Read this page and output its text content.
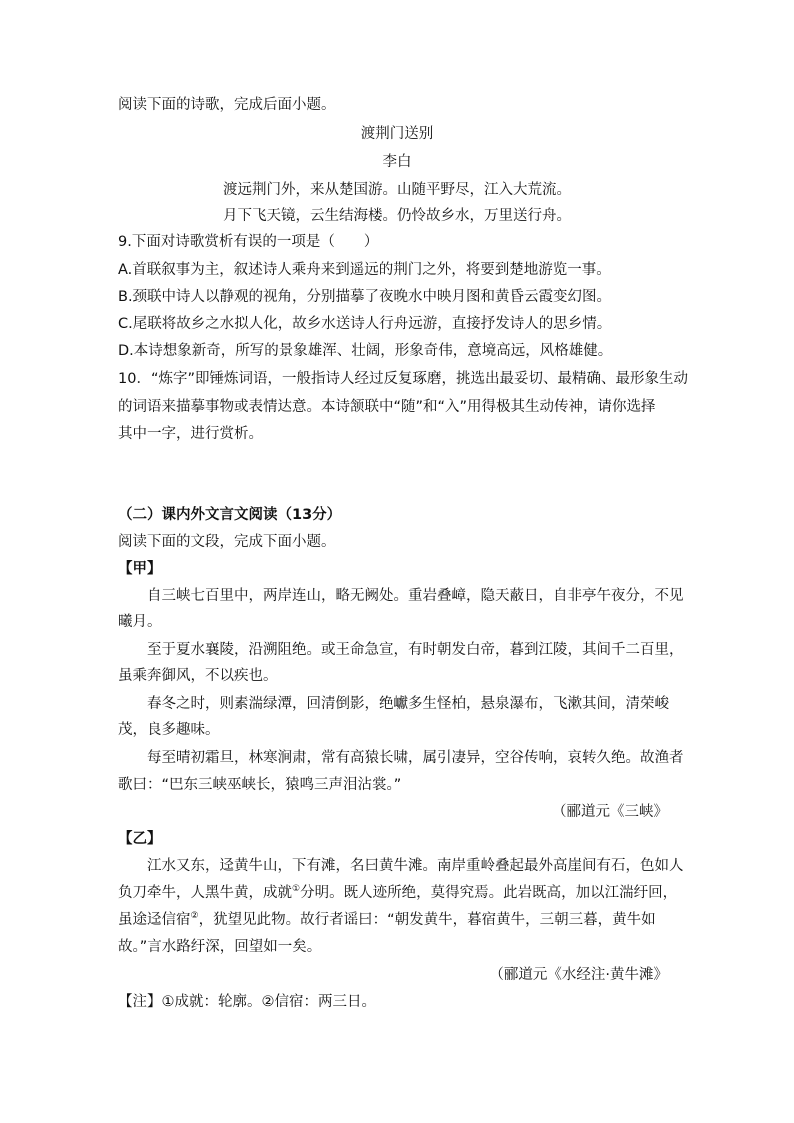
阅读下面的诗歌，完成后面小题。
渡荆门送别
李白
渡远荆门外，来从楚国游。山随平野尽，江入大荒流。
月下飞天镜，云生结海楼。仍怜故乡水，万里送行舟。
9.下面对诗歌赏析有误的一项是（　　）
A.首联叙事为主，叙述诗人乘舟来到遥远的荆门之外，将要到楚地游览一事。
B.颈联中诗人以静观的视角，分别描摹了夜晚水中映月图和黄昏云霞变幻图。
C.尾联将故乡之水拟人化，故乡水送诗人行舟远游，直接抒发诗人的思乡情。
D.本诗想象新奇，所写的景象雄浑、壮阔，形象奇伟，意境高远，风格雄健。
10．“炼字”即锤炼词语，一般指诗人经过反复琢磨，挑选出最妥切、最精确、最形象生动
的词语来描摹事物或表情达意。本诗颔联中“随”和“入”用得极其生动传神，请你选择
其中一字，进行赏析。
（二）课内外文言文阅读（13分）
阅读下面的文段，完成下面小题。
【甲】
自三峡七百里中，两岸连山，略无阙处。重岩叠嶂，隐天蔽日，自非亭午夜分，不见
曦月。
至于夏水襄陵，沿溯阻绝。或王命急宣，有时朝发白帝，暮到江陵，其间千二百里，
虽乘奔御风，不以疾也。
春冬之时，则素湍绿潭，回清倒影，绝巘多生怪柏，悬泉瀑布，飞漱其间，清荣峻
茂，良多趣味。
每至晴初霜旦，林寒涧肃，常有高猿长啸，属引凄异，空谷传响，哀转久绝。故渔者
歌曰：“巴东三峡巫峡长，猿鸣三声泪沾裳。”
（郦道元《三峡》
【乙】
江水又东，迳黄牛山，下有滩，名曰黄牛滩。南岸重岭叠起最外高崖间有石，色如人
负刀牵牛，人黑牛黄，成就①分明。既人迹所绝，莫得究焉。此岩既高，加以江湍纡回，
虽途迳信宿②，犹望见此物。故行者谣曰：“朝发黄牛，暮宿黄牛，三朝三暮，黄牛如
故。”言水路纡深，回望如一矣。
（郦道元《水经注·黄牛滩》
【注】①成就：轮廓。②信宿：两三日。
